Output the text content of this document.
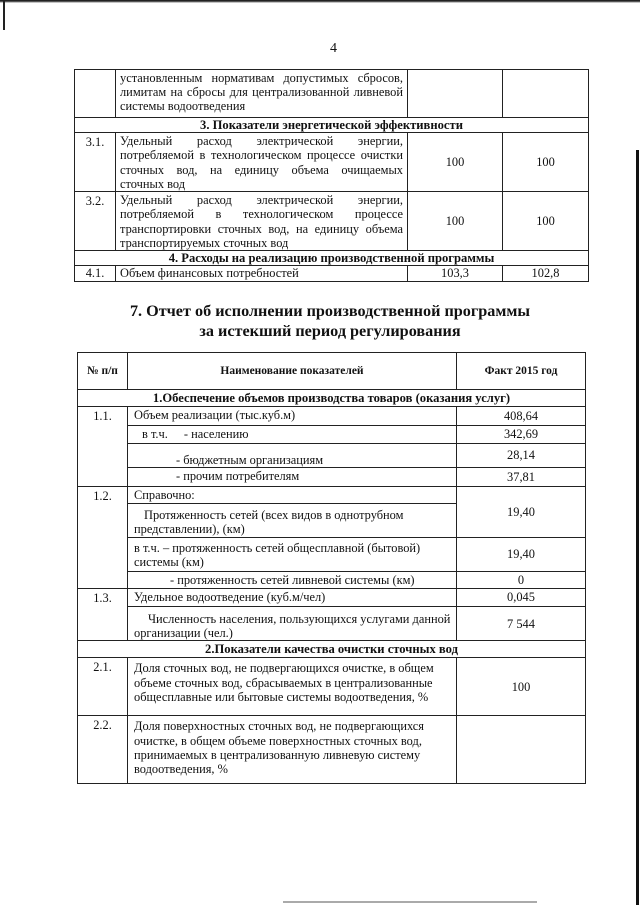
4
	установленным нормативам допустимых сбросов, лимитам на сбросы для централизованной ливневой системы водоотведения		
3. Показатели энергетической эффективности			
3.1.	Удельный расход электрической энергии, потребляемой в технологическом процессе очистки сточных вод, на единицу объема очищаемых сточных вод	100	100
3.2.	Удельный расход электрической энергии, потребляемой в технологическом процессе транспортировки сточных вод, на единицу объема транспортируемых сточных вод	100	100
4. Расходы на реализацию производственной программы			
4.1.	Объем финансовых потребностей	103,3	102,8
7. Отчет об исполнении производственной программы
за истекший период регулирования
№ п/п	Наименование показателей	Факт 2015 год
1.Обеспечение объемов производства товаров (оказания услуг)		
1.1.	Объем реализации (тыс.куб.м)	408,64
	в т.ч. - населению	342,69
	- бюджетным организациям	28,14
	- прочим потребителям	37,81
1.2.	Справочно:	19,40
	Протяженность сетей (всех видов в однотрубном представлении), (км)	
	в т.ч. – протяженность сетей общесплавной (бытовой) системы (км)	19,40
	- протяженность сетей ливневой системы (км)	0
1.3.	Удельное водоотведение (куб.м/чел)	0,045
	Численность населения, пользующихся услугами данной организации (чел.)	7 544
2.Показатели качества очистки сточных вод		
2.1.	Доля сточных вод, не подвергающихся очистке, в общем объеме сточных вод, сбрасываемых в централизованные общесплавные или бытовые системы водоотведения, %	100
2.2.	Доля поверхностных сточных вод, не подвергающихся очистке, в общем объеме поверхностных сточных вод, принимаемых в централизованную ливневую систему водоотведения, %	
